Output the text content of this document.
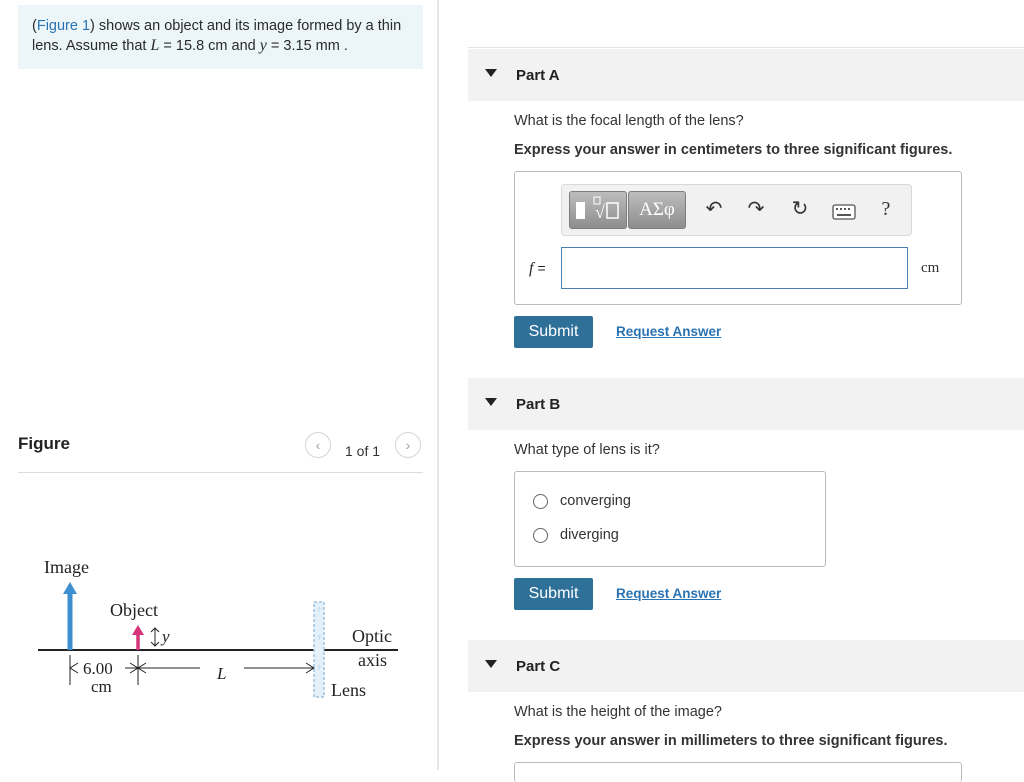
(Figure 1) shows an object and its image formed by a thin lens. Assume that L = 15.8 cm and y = 3.15 mm .
Figure	‹	1 of 1	›
?
?
?
y
Image
Object
6.00
cm
L
Optic
axis
Lens
Part A
What is the focal length of the lens?
Express your answer in centimeters to three significant figures.
√	ΑΣφ	↶ ↷ ↻	?
f =	cm
Submit	Request Answer
Part B
What type of lens is it?
converging
diverging
Submit	Request Answer
Part C
What is the height of the image?
Express your answer in millimeters to three significant figures.
